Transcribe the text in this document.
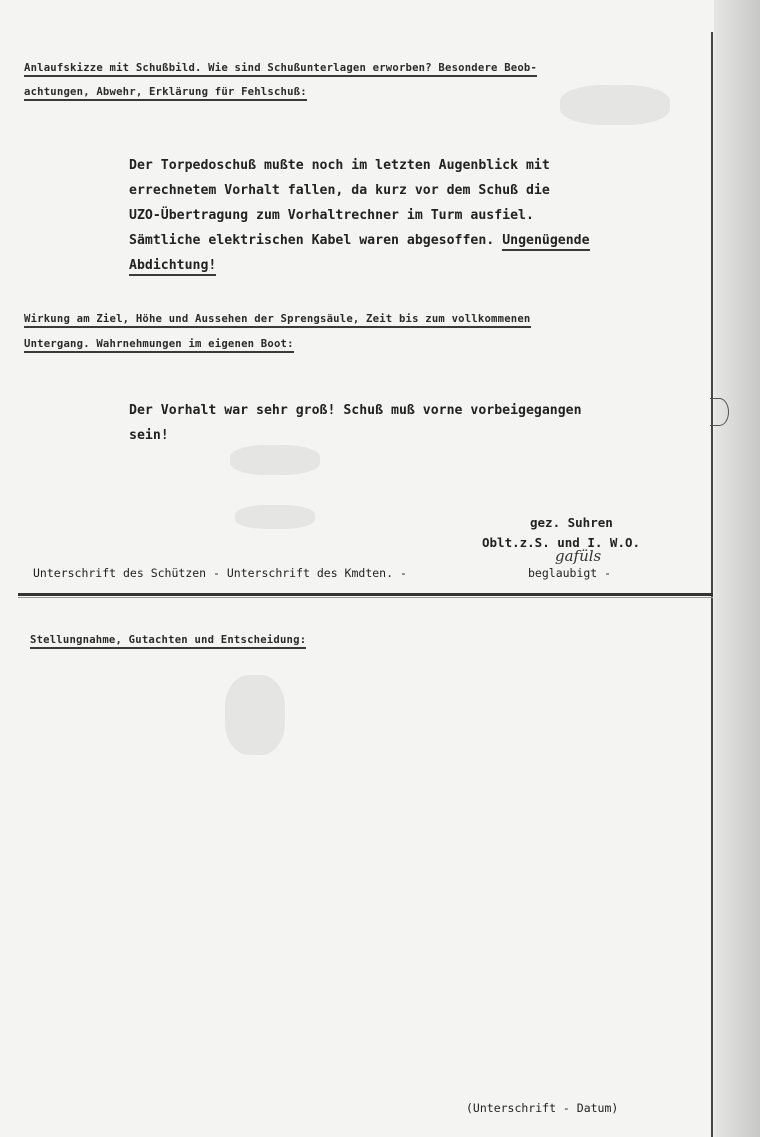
Anlaufskizze mit Schußbild. Wie sind Schußunterlagen erworben? Besondere Beob-
achtungen, Abwehr, Erklärung für Fehlschuß:
Der Torpedoschuß mußte noch im letzten Augenblick mit
errechnetem Vorhalt fallen, da kurz vor dem Schuß die
UZO-Übertragung zum Vorhaltrechner im Turm ausfiel.
Sämtliche elektrischen Kabel waren abgesoffen. Ungenügende
Abdichtung!
Wirkung am Ziel, Höhe und Aussehen der Sprengsäule, Zeit bis zum vollkommenen
Untergang. Wahrnehmungen im eigenen Boot:
Der Vorhalt war sehr groß! Schuß muß vorne vorbeigegangen
sein!
gez. Suhren
Oblt.z.S. und I. W.O.
gafüls
Unterschrift des Schützen - Unterschrift des Kmdten. -	beglaubigt -
Stellungnahme, Gutachten und Entscheidung:
(Unterschrift - Datum)
